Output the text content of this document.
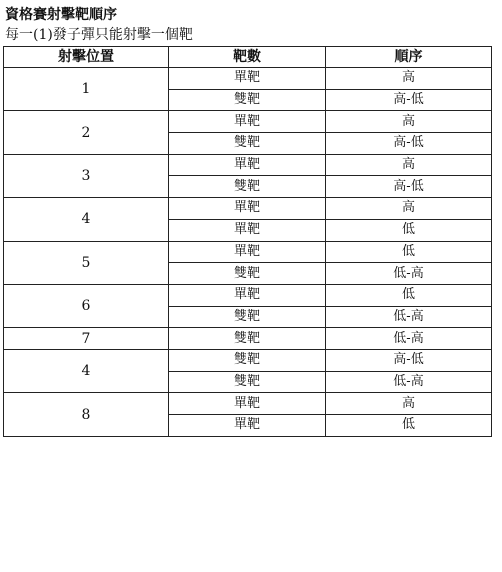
資格賽射擊靶順序
每一(1)發子彈只能射擊一個靶
射擊位置	靶數	順序
1	單靶	高
	雙靶	高-低
2	單靶	高
	雙靶	高-低
3	單靶	高
	雙靶	高-低
4	單靶	高
	單靶	低
5	單靶	低
	雙靶	低-高
6	單靶	低
	雙靶	低-高
7	雙靶	低-高
4	雙靶	高-低
	雙靶	低-高
8	單靶	高
	單靶	低
